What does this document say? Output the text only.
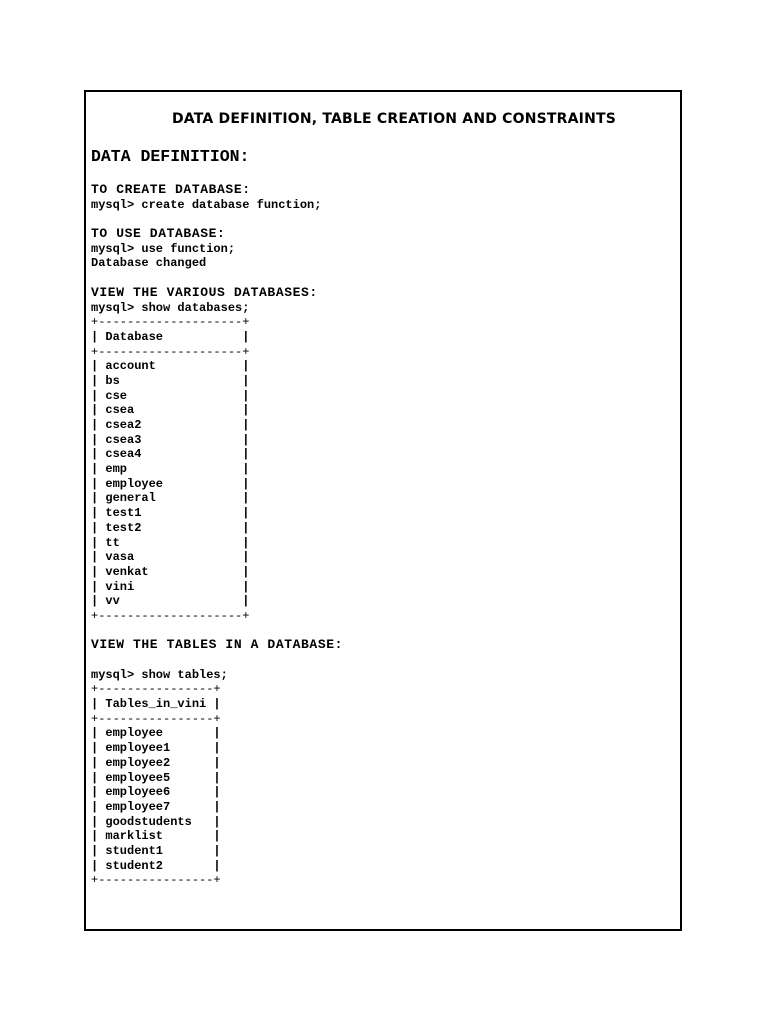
DATA DEFINITION, TABLE CREATION AND CONSTRAINTS
DATA DEFINITION:
TO CREATE DATABASE:
mysql> create database function;
TO USE DATABASE:
mysql> use function;
Database changed
VIEW THE VARIOUS DATABASES:
mysql> show databases;
+--------------------+
| Database           |
+--------------------+
| account            |
| bs                 |
| cse                |
| csea               |
| csea2              |
| csea3              |
| csea4              |
| emp                |
| employee           |
| general            |
| test1              |
| test2              |
| tt                 |
| vasa               |
| venkat             |
| vini               |
| vv                 |
+--------------------+
VIEW THE TABLES IN A DATABASE:
mysql> show tables;
+----------------+
| Tables_in_vini |
+----------------+
| employee       |
| employee1      |
| employee2      |
| employee5      |
| employee6      |
| employee7      |
| goodstudents   |
| marklist       |
| student1       |
| student2       |
+----------------+
